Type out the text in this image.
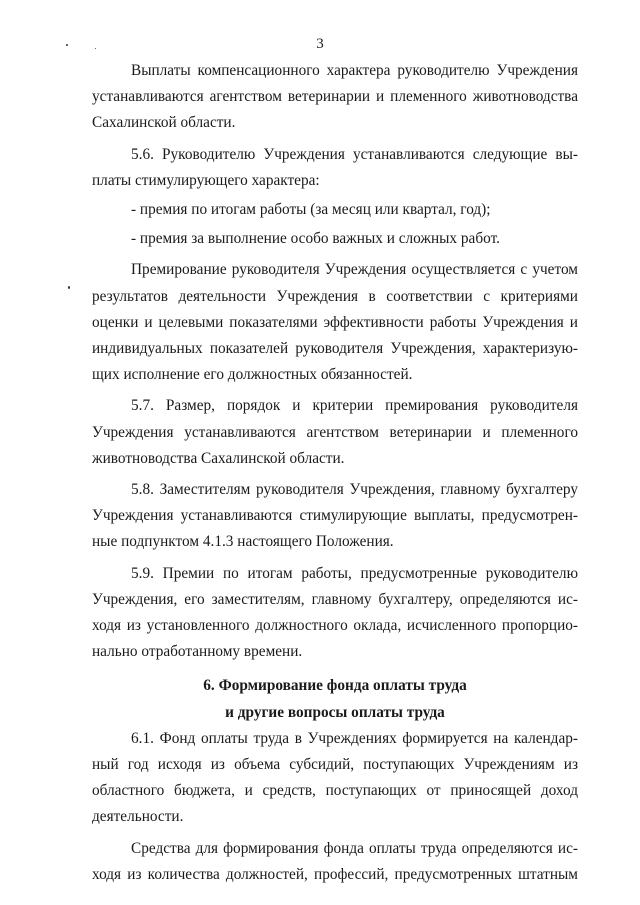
3

Выплаты компенсационного характера руководителю Учреждения
устанавливаются агентством ветеринарии и племенного животноводства
Сахалинской области.

5.6. Руководителю Учреждения устанавливаются следующие вы-
платы стимулирующего характера:

- премия по итогам работы (за месяц или квартал, год);

- премия за выполнение особо важных и сложных работ.

Премирование руководителя Учреждения осуществляется с учетом
результатов деятельности Учреждения в соответствии с критериями
оценки и целевыми показателями эффективности работы Учреждения и
индивидуальных показателей руководителя Учреждения, характеризую-
щих исполнение его должностных обязанностей.

5.7. Размер, порядок и критерии премирования руководителя
Учреждения устанавливаются агентством ветеринарии и племенного
животноводства Сахалинской области.

5.8. Заместителям руководителя Учреждения, главному бухгалтеру
Учреждения устанавливаются стимулирующие выплаты, предусмотрен-
ные подпунктом 4.1.3 настоящего Положения.

5.9. Премии по итогам работы, предусмотренные руководителю
Учреждения, его заместителям, главному бухгалтеру, определяются ис-
ходя из установленного должностного оклада, исчисленного пропорцио-
нально отработанному времени.

6. Формирование фонда оплаты труда
и другие вопросы оплаты труда

6.1. Фонд оплаты труда в Учреждениях формируется на календар-
ный год исходя из объема субсидий, поступающих Учреждениям из
областного бюджета, и средств, поступающих от приносящей доход
деятельности.

Средства для формирования фонда оплаты труда определяются ис-
ходя из количества должностей, профессий, предусмотренных штатным
